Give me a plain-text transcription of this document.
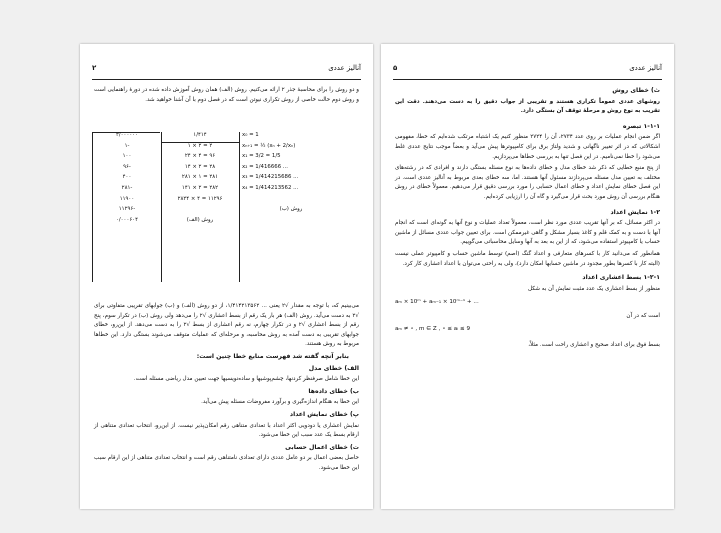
۲	آنالیز عددی

و دو روش را برای محاسبهٔ جذر ۲ ارائه می‌کنیم. روش (الف) همان روش آموزش داده شده در دورهٔ راهنمایی است و روش دوم حالت خاصی از روش تکراری نیوتن است که در فصل دوم با آن آشنا خواهید شد.

۲/۰۰۰۰۰۰
۱-
۱۰۰
۹۶-
۴۰۰
۲۸۱-
۱۱۹۰۰
۱۱۲۹۶-
۰/۰۰۰۶۰۴
۱/۴۱۴
۱ × ۲ = ۲
۲۴ × ۴ = ۹۶
۱۴ × ۲ = ۲۸
۲۸۱ × ۱ = ۲۸۱
۱۴۱ × ۲ = ۲۸۲
۲۸۲۴ × ۴ = ۱۱۲۹۶
روش (الف)
x₀ = 1
xₙ₊₁ = ½ (xₙ + 2/xₙ)
x₁ = 3/2 = 1/5
x₂ = 1/416666 ...
x₃ = 1/414215686 ...
x₄ = 1/414213562 ...
روش (ب)

می‌بینیم که، با توجه به مقدار √۲ یعنی ... ۱/۴۱۴۲۱۳۵۶۲، از دو روش (الف) و (ب) جوابهای تقریبی متفاوتی برای √۲ به دست می‌آید. روش (الف) هر بار یک رقم از بسط اعشاری √۲ را می‌دهد ولی روش (ب) در تکرار سوم، پنج رقم از بسط اعشاری √۲ و در تکرار چهارم، نه رقم اعشاری از بسط √۲ را به دست می‌دهد. از این‌رو، خطای جوابهای تقریبی به دست آمده به روش محاسبه، و مرحله‌ای که عملیات متوقف می‌شوند بستگی دارد. این خطاها مربوط به روش هستند.

بنابر آنچه گفته شد فهرست منابع خطا چنین است:

الف) خطای مدل

این خطا شامل صرفنظر کردنها، چشم‌پوشیها و ساده‌نویسیها جهت تعیین مدل ریاضی مسئله است.

ب) خطای داده‌ها

این خطا به هنگام اندازه‌گیری و برآورد مفروضات مسئله پیش می‌آید.

پ) خطای نمایش اعداد

نمایش اعشاری یا دودویی اکثر اعداد با تعدادی متناهی رقم امکان‌پذیر نیست. از این‌رو، انتخاب تعدادی متناهی از ارقام بسط یک عدد سبب این خطا می‌شود.

ت) خطای اعمال حسابی

حاصل بعضی اعمال بر دو عامل عددی دارای تعدادی نامتناهی رقم است و انتخاب تعدادی متناهی از این ارقام سبب این خطا می‌شود.

۵	آنالیز عددی

ث) خطای روش

روشهای عددی عموماً تکراری هستند و تقریبی از جواب دقیق را به دست می‌دهند. دقت این تقریب به نوع روش و مرحلهٔ توقف آن بستگی دارد.

۱-۱-۱ تبصره

اگر ضمن انجام عملیات بر روی عدد ۲۷۳۴، آن را ۲۷۲۴ منظور کنیم یک اشتباه مرتکب شده‌ایم که خطا، مفهومی اشکالاتی که در اثر تغییر ناگهانی و شدید ولتاژ برق برای کامپیوترها پیش می‌آید و بعضاً موجب نتایج عددی غلط می‌شود را خطا نمی‌نامیم. در این فصل تنها به بررسی خطاها می‌پردازیم.

از پنج منبع خطایی که ذکر شد خطای مدل و خطای داده‌ها به نوع مسئله بستگی دارند و افرادی که در رشته‌های مختلف به تعیین مدل مسئله می‌پردازند مسئول آنها هستند. اما، سه خطای بعدی مربوط به آنالیز عددی است. در این فصل خطای نمایش اعداد و خطای اعمال حسابی را مورد بررسی دقیق قرار می‌دهیم. معمولاً خطای در روش هنگام بررسی آن روش مورد بحث قرار می‌گیرد و گاه آن را ارزیابی کرده‌ایم.

۱-۲ نمایش اعداد

در اکثر مسائل، که بر آنها تقریب عددی مورد نظر است، معمولاً تعداد عملیات و نوع آنها به گونه‌ای است که انجام آنها با دست و به کمک قلم و کاغذ بسیار مشکل و گاهی غیرممکن است. برای تعیین جواب عددی مسائل از ماشین حساب یا کامپیوتر استفاده می‌شود، که از این به بعد به آنها وسایل محاسباتی می‌گوییم.

همانطور که می‌دانید کار با کسرهای متعارفی و اعداد گنگ (اصم) توسط ماشین حساب و کامپیوتر عملی نیست (البته کار با کسرها بطور مجدود در ماشین حسابها امکان دارد)، ولی به راحتی می‌توان با اعداد اعشاری کار کرد.

۱-۲-۱ بسط اعشاری اعداد

منظور از بسط اعشاری یک عدد مثبت نمایش آن به شکل

aₘ × 10ᵐ + aₘ₋₁ × 10ᵐ⁻¹ + ...

است که در آن

aₘ ≠ ∘ , m ∈ Z , ∘ ≤ aᵢ ≤ 9

بسط فوق برای اعداد صحیح و اعشاری راحت است. مثلاً،
